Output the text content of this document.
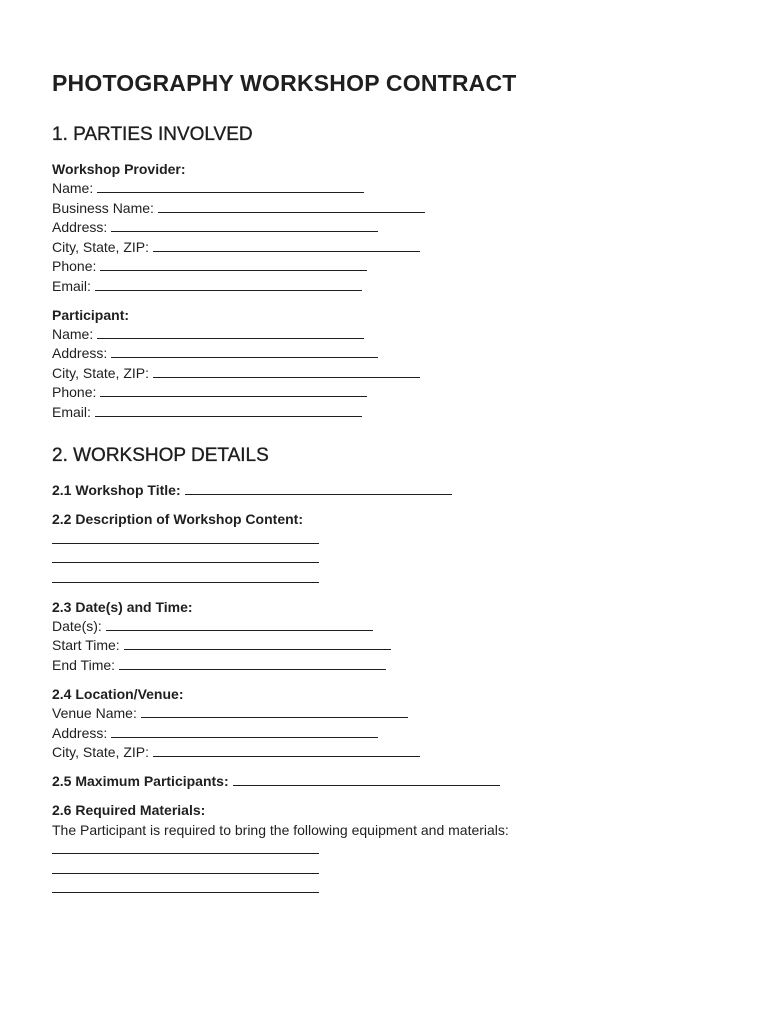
PHOTOGRAPHY WORKSHOP CONTRACT
1. PARTIES INVOLVED
Workshop Provider:
Name:
Business Name:
Address:
City, State, ZIP:
Phone:
Email:
Participant:
Name:
Address:
City, State, ZIP:
Phone:
Email:
2. WORKSHOP DETAILS
2.1 Workshop Title:
2.2 Description of Workshop Content:
2.3 Date(s) and Time:
Date(s):
Start Time:
End Time:
2.4 Location/Venue:
Venue Name:
Address:
City, State, ZIP:
2.5 Maximum Participants:
2.6 Required Materials:
The Participant is required to bring the following equipment and materials:
